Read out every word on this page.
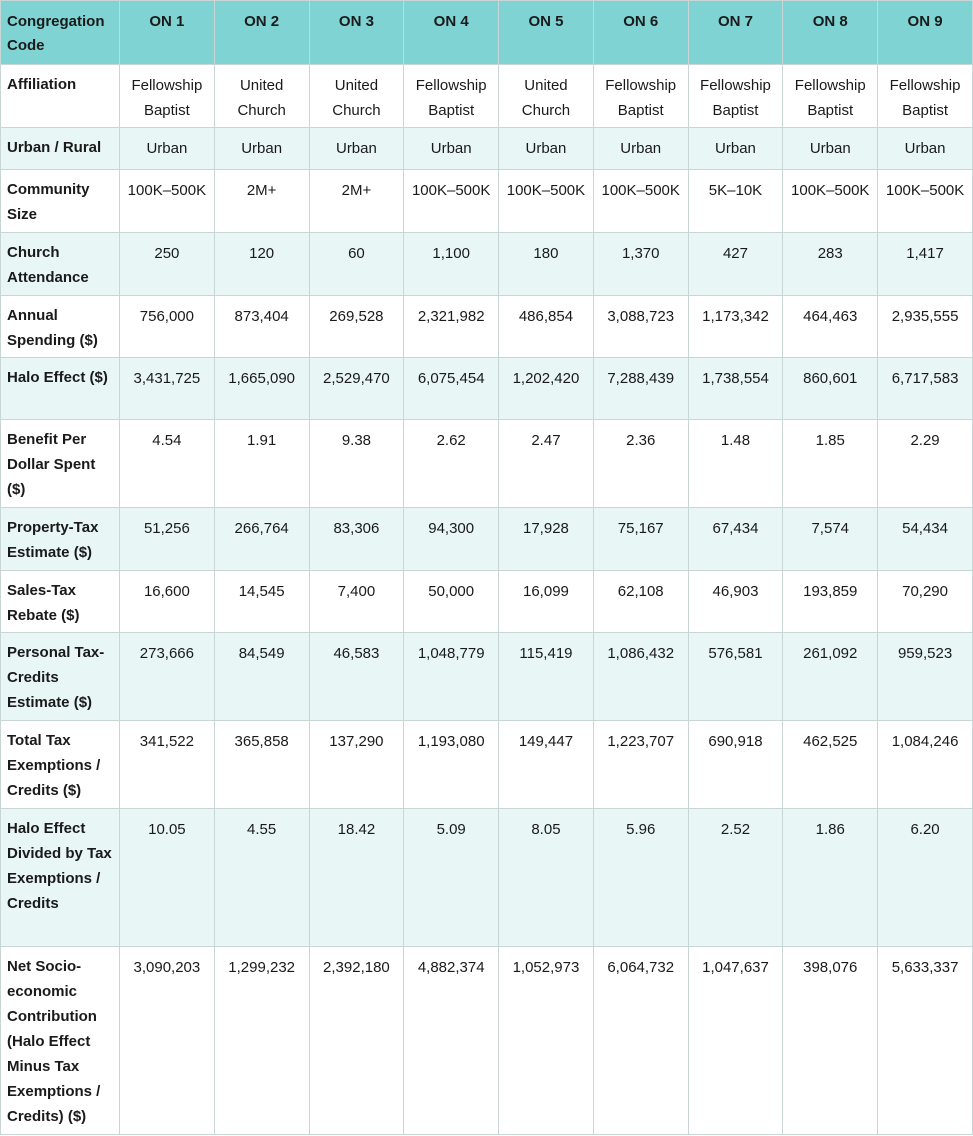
Congregation Code	ON 1	ON 2	ON 3	ON 4	ON 5	ON 6	ON 7	ON 8	ON 9

Affiliation	Fellowship Baptist	United Church	United Church	Fellowship Baptist	United Church	Fellowship Baptist	Fellowship Baptist	Fellowship Baptist	Fellowship Baptist
Urban / Rural	Urban	Urban	Urban	Urban	Urban	Urban	Urban	Urban	Urban
Community Size	100K–500K	2M+	2M+	100K–500K	100K–500K	100K–500K	5K–10K	100K–500K	100K–500K
Church Attendance	250	120	60	1,100	180	1,370	427	283	1,417
Annual Spending ($)	756,000	873,404	269,528	2,321,982	486,854	3,088,723	1,173,342	464,463	2,935,555
Halo Effect ($)	3,431,725	1,665,090	2,529,470	6,075,454	1,202,420	7,288,439	1,738,554	860,601	6,717,583
Benefit Per Dollar Spent ($)	4.54	1.91	9.38	2.62	2.47	2.36	1.48	1.85	2.29
Property-Tax Estimate ($)	51,256	266,764	83,306	94,300	17,928	75,167	67,434	7,574	54,434
Sales-Tax Rebate ($)	16,600	14,545	7,400	50,000	16,099	62,108	46,903	193,859	70,290
Personal Tax-Credits Estimate ($)	273,666	84,549	46,583	1,048,779	115,419	1,086,432	576,581	261,092	959,523
Total Tax Exemptions / Credits ($)	341,522	365,858	137,290	1,193,080	149,447	1,223,707	690,918	462,525	1,084,246
Halo Effect Divided by Tax Exemptions / Credits	10.05	4.55	18.42	5.09	8.05	5.96	2.52	1.86	6.20
Net Socio-economic Contribution (Halo Effect Minus Tax Exemptions / Credits) ($)	3,090,203	1,299,232	2,392,180	4,882,374	1,052,973	6,064,732	1,047,637	398,076	5,633,337
